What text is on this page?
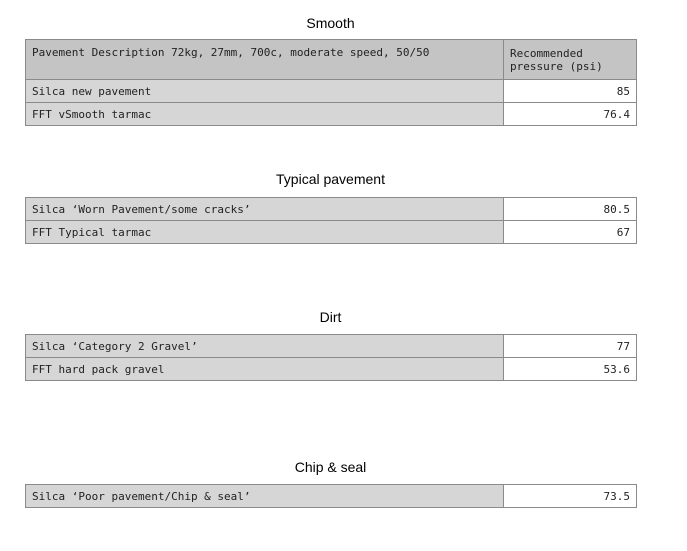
Smooth
Pavement Description 72kg, 27mm, 700c, moderate speed, 50/50	Recommended pressure (psi)
Silca new pavement	85
FFT vSmooth tarmac	76.4
Typical pavement
Silca ‘Worn Pavement/some cracks’	80.5
FFT Typical tarmac	67
Dirt
Silca ‘Category 2 Gravel’	77
FFT hard pack gravel	53.6
Chip & seal
Silca ‘Poor pavement/Chip & seal’	73.5
